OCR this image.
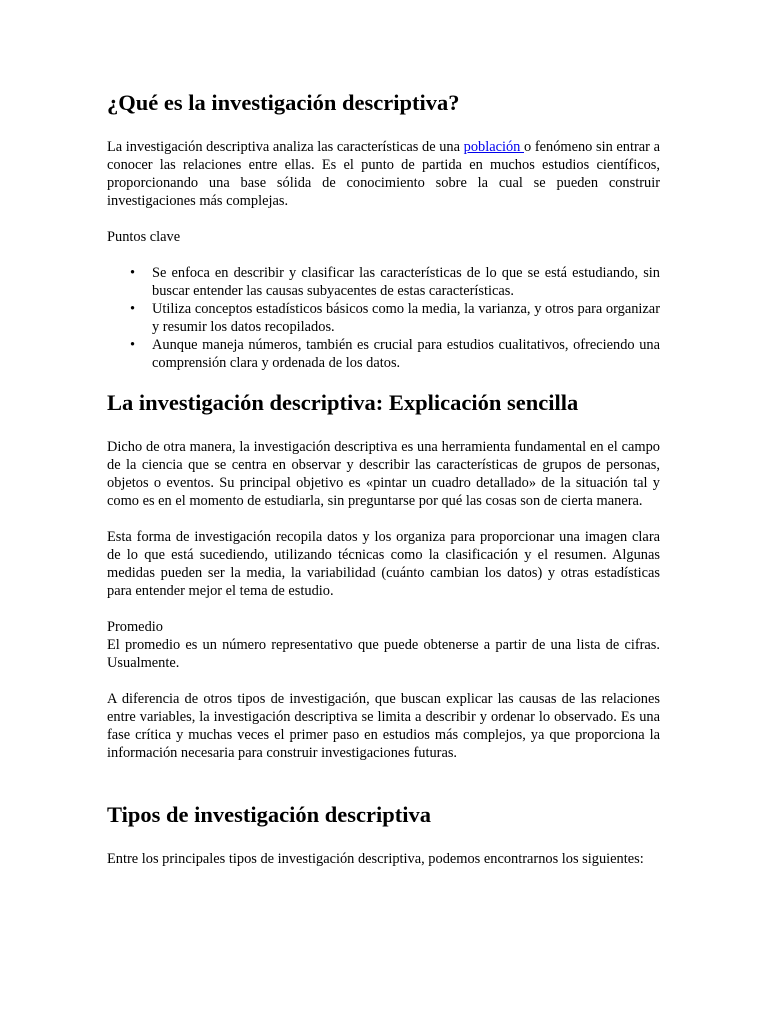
¿Qué es la investigación descriptiva?

La investigación descriptiva analiza las características de una población o fenómeno sin entrar a conocer las relaciones entre ellas. Es el punto de partida en muchos estudios científicos, proporcionando una base sólida de conocimiento sobre la cual se pueden construir investigaciones más complejas.

Puntos clave
• Se enfoca en describir y clasificar las características de lo que se está estudiando, sin buscar entender las causas subyacentes de estas características.
• Utiliza conceptos estadísticos básicos como la media, la varianza, y otros para organizar y resumir los datos recopilados.
• Aunque maneja números, también es crucial para estudios cualitativos, ofreciendo una comprensión clara y ordenada de los datos.
La investigación descriptiva: Explicación sencilla

Dicho de otra manera, la investigación descriptiva es una herramienta fundamental en el campo de la ciencia que se centra en observar y describir las características de grupos de personas, objetos o eventos. Su principal objetivo es «pintar un cuadro detallado» de la situación tal y como es en el momento de estudiarla, sin preguntarse por qué las cosas son de cierta manera.

Esta forma de investigación recopila datos y los organiza para proporcionar una imagen clara de lo que está sucediendo, utilizando técnicas como la clasificación y el resumen. Algunas medidas pueden ser la media, la variabilidad (cuánto cambian los datos) y otras estadísticas para entender mejor el tema de estudio.

Promedio

El promedio es un número representativo que puede obtenerse a partir de una lista de cifras. Usualmente.

A diferencia de otros tipos de investigación, que buscan explicar las causas de las relaciones entre variables, la investigación descriptiva se limita a describir y ordenar lo observado. Es una fase crítica y muchas veces el primer paso en estudios más complejos, ya que proporciona la información necesaria para construir investigaciones futuras.

Tipos de investigación descriptiva

Entre los principales tipos de investigación descriptiva, podemos encontrarnos los siguientes:
